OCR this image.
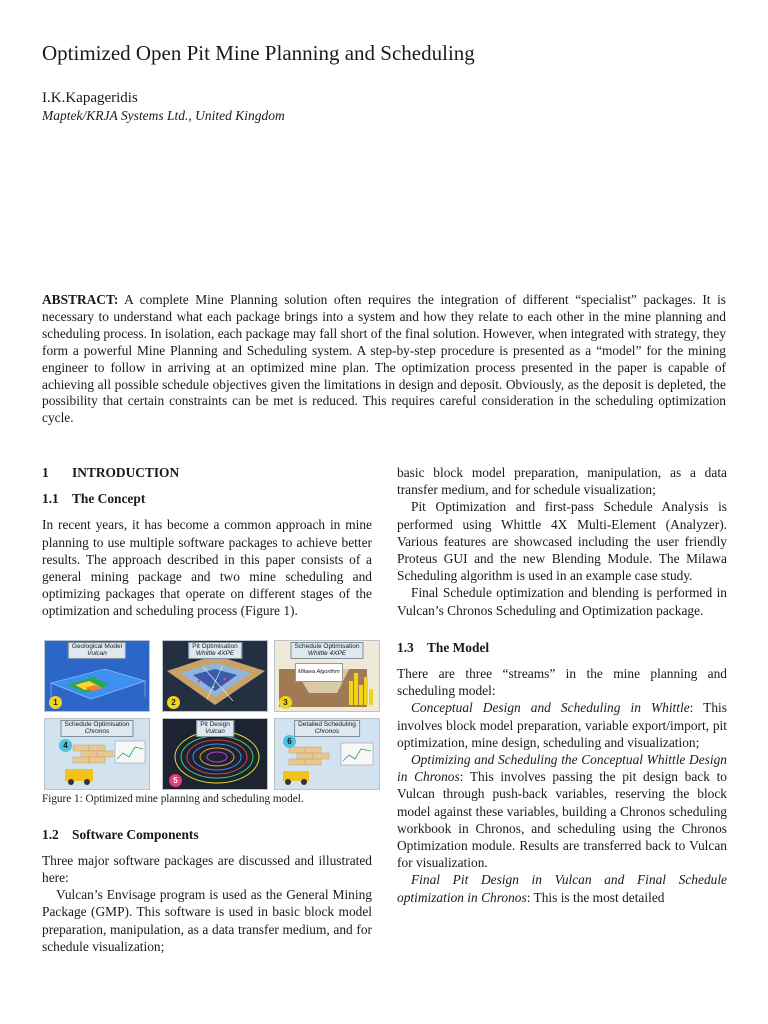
Optimized Open Pit Mine Planning and Scheduling
I.K.Kapageridis
Maptek/KRJA Systems Ltd., United Kingdom
ABSTRACT: A complete Mine Planning solution often requires the integration of different “specialist” packages. It is necessary to understand what each package brings into a system and how they relate to each other in the mine planning and scheduling process. In isolation, each package may fall short of the final solution. However, when integrated with strategy, they form a powerful Mine Planning and Scheduling system. A step-by-step procedure is presented as a “model” for the mining engineer to follow in arriving at an optimized mine plan. The optimization process presented in the paper is capable of achieving all possible schedule objectives given the limitations in design and deposit. Obviously, as the deposit is depleted, the possibility that certain constraints can be met is reduced. This requires careful consideration in the scheduling optimization cycle.
1 INTRODUCTION
1.1 The Concept

In recent years, it has become a common approach in mine planning to use multiple software packages to achieve better results. The approach described in this paper consists of a general mining package and two mine scheduling and optimizing packages that operate on different stages of the optimization and scheduling process (Figure 1).

Geological Model
Vulcan
1
Pit Optimisation
Whittle 4XPE
2
Schedule Optimisation
Whittle 4XPE
Milawa Algorithm
3
Schedule Optimisation
Chronos
4
Pit Design
Vulcan
5
Detailed Scheduling
Chronos
6

Figure 1: Optimized mine planning and scheduling model.

1.2 Software Components

Three major software packages are discussed and illustrated here:

Vulcan’s Envisage program is used as the General Mining Package (GMP). This software is used in basic block model preparation, manipulation, as a data transfer medium, and for schedule visualization;

basic block model preparation, manipulation, as a data transfer medium, and for schedule visualization;

Pit Optimization and first-pass Schedule Analysis is performed using Whittle 4X Multi-Element (Analyzer). Various features are showcased including the user friendly Proteus GUI and the new Blending Module. The Milawa Scheduling algorithm is used in an example case study.

Final Schedule optimization and blending is performed in Vulcan’s Chronos Scheduling and Optimization package.

1.3 The Model

There are three “streams” in the mine planning and scheduling model:

Conceptual Design and Scheduling in Whittle: This involves block model preparation, variable export/import, pit optimization, mine design, scheduling and visualization;

Optimizing and Scheduling the Conceptual Whittle Design in Chronos: This involves passing the pit design back to Vulcan through push-back variables, reserving the block model against these variables, building a Chronos scheduling workbook in Chronos, and scheduling using the Chronos Optimization module. Results are transferred back to Vulcan for visualization.

Final Pit Design in Vulcan and Final Schedule optimization in Chronos: This is the most detailed
